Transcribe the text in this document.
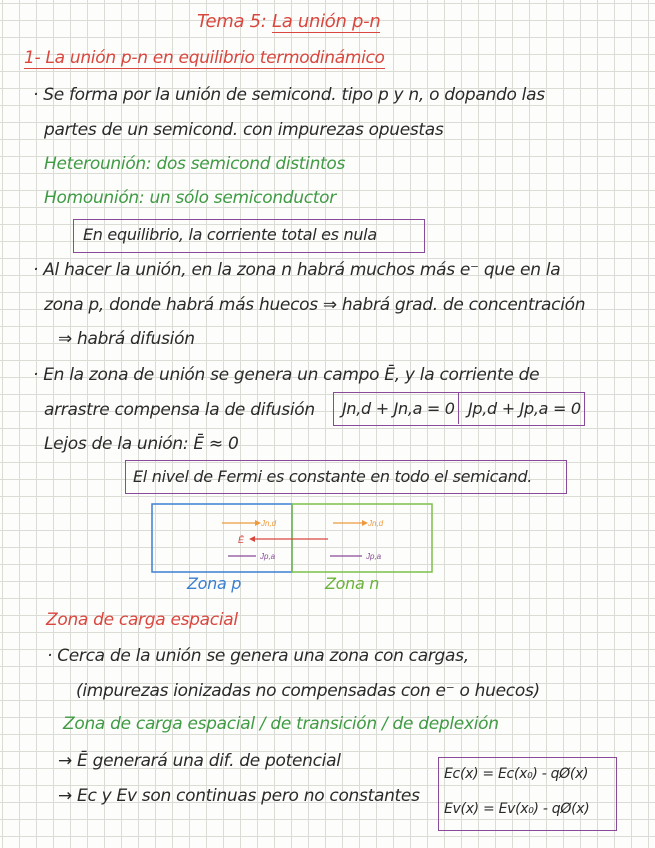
Tema 5: La unión p-n
1- La unión p-n en equilibrio termodinámico
· Se forma por la unión de semicond. tipo p y n, o dopando las
partes de un semicond. con impurezas opuestas
Heterounión: dos semicond distintos
Homounión: un sólo semiconductor
En equilibrio, la corriente total es nula
· Al hacer la unión, en la zona n habrá muchos más e⁻ que en la
zona p, donde habrá más huecos ⇒ habrá grad. de concentración
⇒ habrá difusión
· En la zona de unión se genera un campo Ē, y la corriente de
arrastre compensa la de difusión Jn,d + Jn,a = 0 Jp,d + Jp,a = 0
Lejos de la unión: Ē ≈ 0
El nivel de Fermi es constante en todo el semicand.
Jn,d	Jn,d
Ē
Jp,a	Jp,a
Zona p	Zona n
Zona de carga espacial
· Cerca de la unión se genera una zona con cargas,
(impurezas ionizadas no compensadas con e⁻ o huecos)
Zona de carga espacial / de transición / de deplexión
→ Ē generará una dif. de potencial
→ Ec y Ev son continuas pero no constantes
Ec(x) = Ec(x₀) - qØ(x)
Ev(x) = Ev(x₀) - qØ(x)
